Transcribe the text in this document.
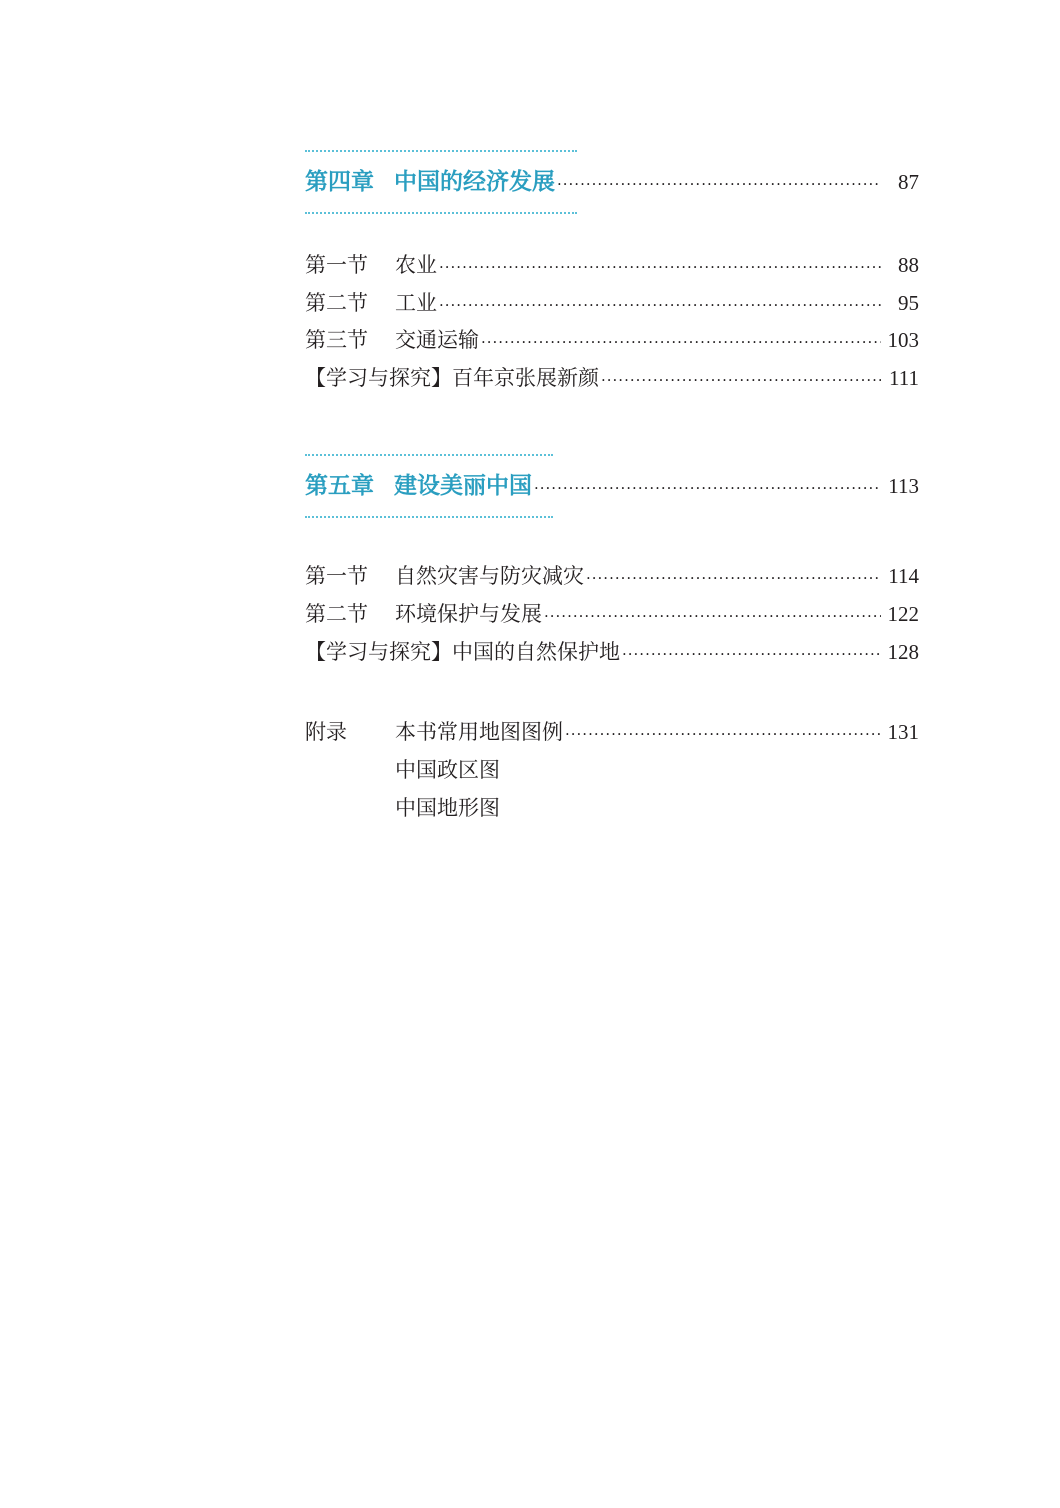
第四章 中国的经济发展 ·····	87
第一节 农业 ·····	88
第二节 工业 ·····	95
第三节 交通运输 ·····	103
【学习与探究】百年京张展新颜 ·····	111
第五章 建设美丽中国 ·····	113
第一节 自然灾害与防灾减灾 ·····	114
第二节 环境保护与发展 ·····	122
【学习与探究】中国的自然保护地 ·····	128
附录 本书常用地图图例 ·····	131
中国政区图
中国地形图
